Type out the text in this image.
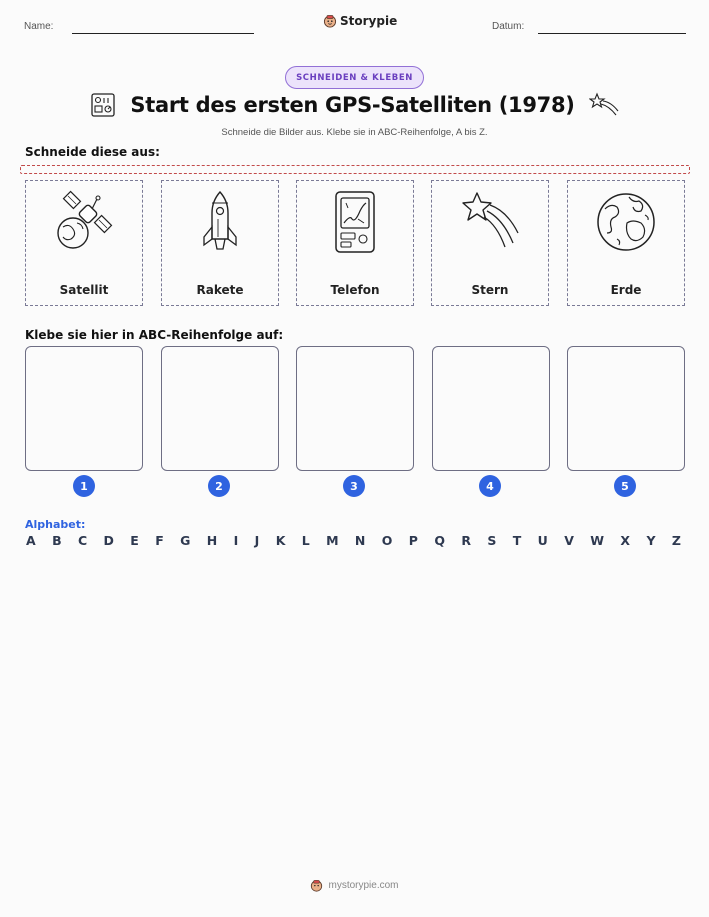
Name:	Storypie	Datum:
SCHNEIDEN & KLEBEN
Start des ersten GPS-Satelliten (1978)
Schneide die Bilder aus. Klebe sie in ABC-Reihenfolge, A bis Z.
Schneide diese aus:
Satellit	Rakete	Telefon	Stern	Erde
Klebe sie hier in ABC-Reihenfolge auf:
1	2	3	4	5
Alphabet:
A B C D E F G H I J K L M N O P Q R S T U V W X Y Z
mystorypie.com
